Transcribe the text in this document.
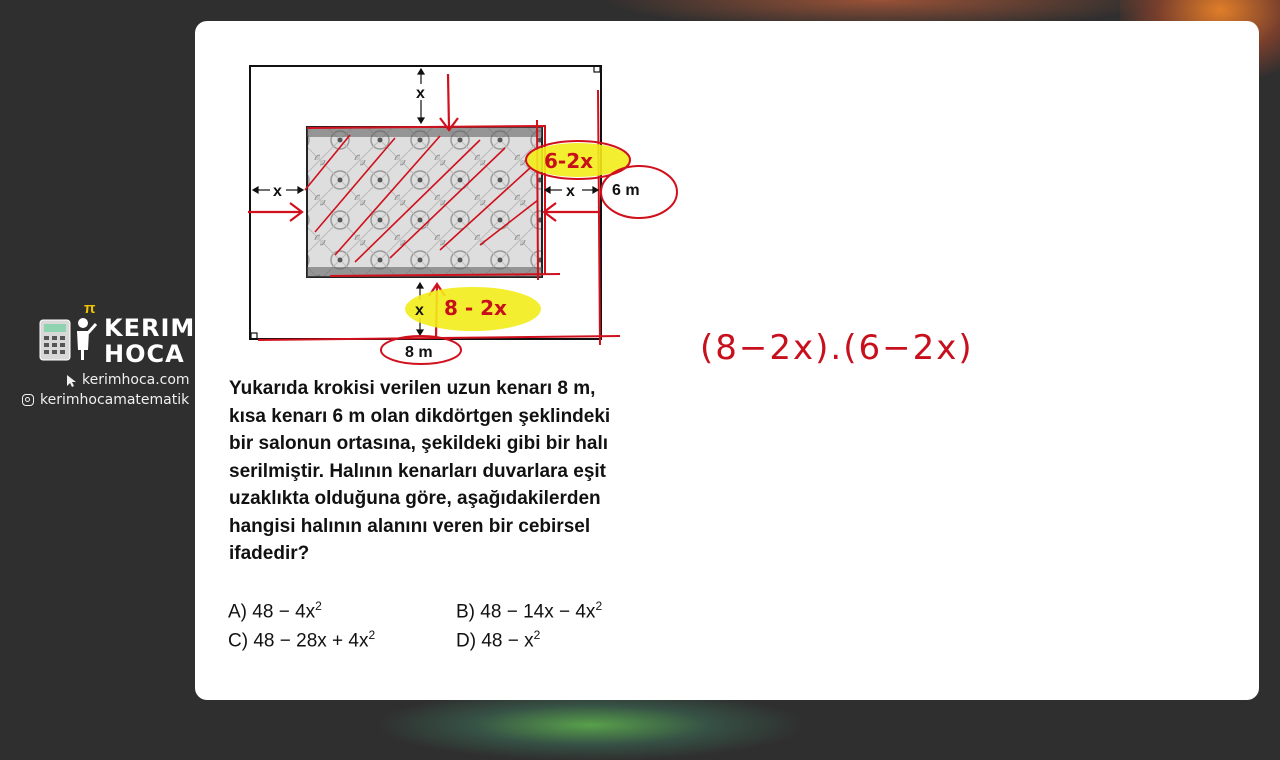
π
KERIM
HOCA
kerimhoca.com
kerimhocamatematik
x
x	x
x
6 m
8 m
6-2x
8 - 2x
Yukarıda krokisi verilen uzun kenarı 8 m,
kısa kenarı 6 m olan dikdörtgen şeklindeki
bir salonun ortasına, şekildeki gibi bir halı
serilmiştir. Halının kenarları duvarlara eşit
uzaklıkta olduğuna göre, aşağıdakilerden
hangisi halının alanını veren bir cebirsel
ifadedir?
A) $48 - 4x^2$	B) $48 - 14x - 4x^2$
C) $48 - 28x + 4x^2$	D) $48 - x^2$
(8−2x).(6−2x)
